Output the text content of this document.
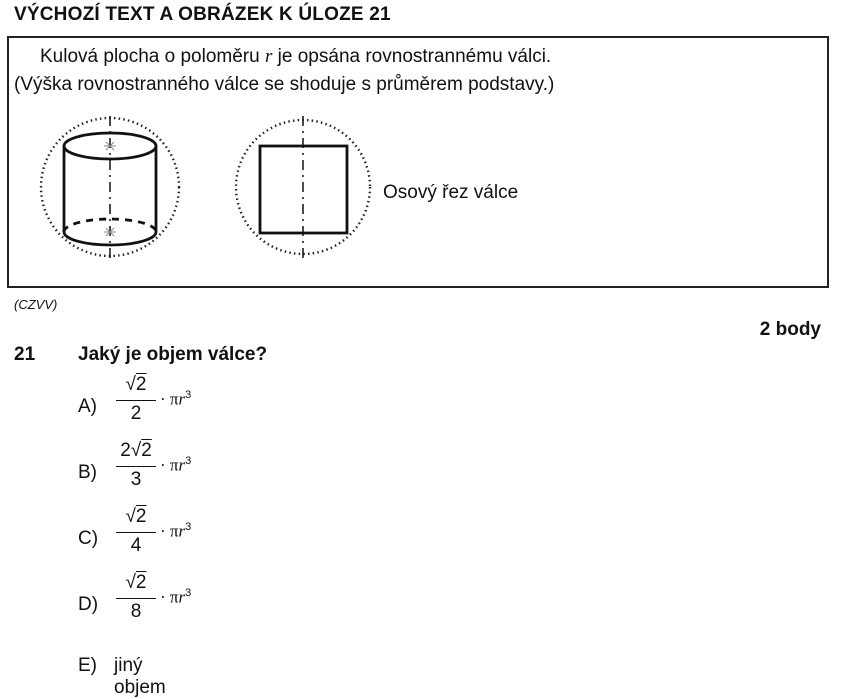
VÝCHOZÍ TEXT A OBRÁZEK K ÚLOZE 21
Kulová plocha o poloměru r je opsána rovnostrannému válci.
(Výška rovnostranného válce se shoduje s průměrem podstavy.)
Osový řez válce
(CZVV)
2 body
21 Jaký je objem válce?
A)
√2
2
· $\pi r^3$
B)
2√2
3
· $\pi r^3$
C)
√2
4
· $\pi r^3$
D)
√2
8
· $\pi r^3$
E) jiný objem
